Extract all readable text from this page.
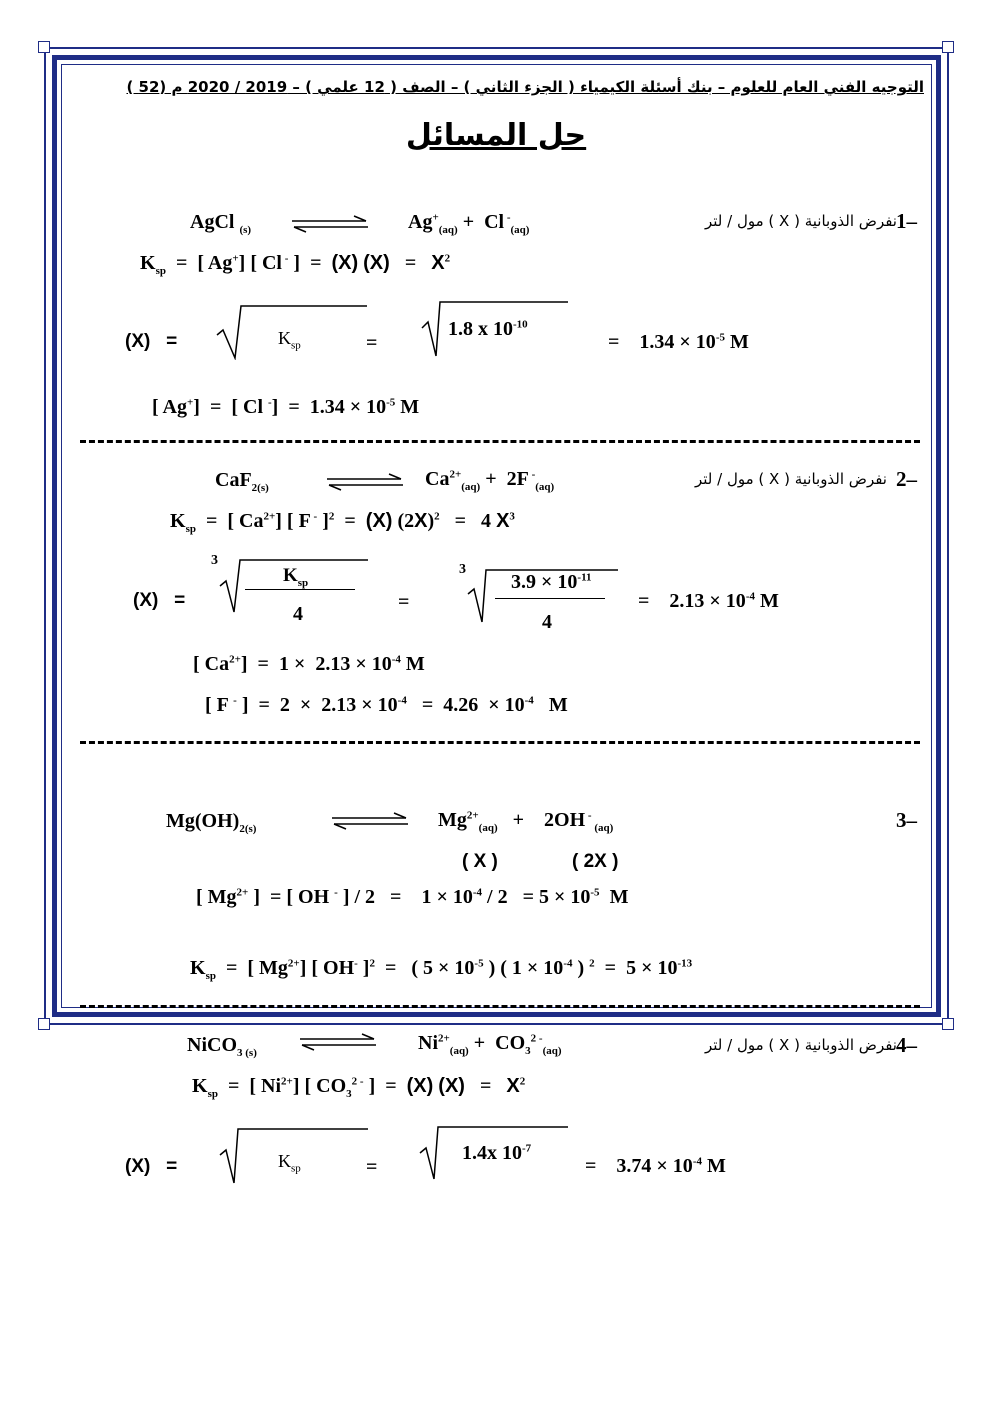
التوجيه الفني العام للعلوم – بنك أسئلة الكيمياء ( الجزء الثاني ) – الصف ( 12 علمي ) – 2019 / 2020 م (52 )
حل المسائل
1–
نفرض الذوبانية ( X ) مول / لتر
AgCl $_{(s)}$	$Ag^+_{(aq)} + Cl$ -$_{(aq)}$
$K_{sp}$  =  [ Ag+] [ Cl - ]  =  (X) $(X) = X^2$
(X)   =	$K_{sp}$	=
1.8 x $10^{-10}$
=    $1.34 \times 10^{-5}$ M
[ Ag+]  =  [ Cl $^-] = 1.34 \times 10^{-5}$ M
2–
نفرض الذوبانية ( X ) مول / لتر
CaF$_{2(s)}$	$Ca^{2+}_{(aq)} + 2F$ -$_{(aq)}$
$K_{sp}$  =  [ $Ca^{2+}$] [ F - ]$^2$  =  (X) $(2X)^2 = 4$ $X^3$
(X)   =
3
$K_{sp}$
4
=
3
$3.9 \times 10^{-11}$
4
=    $2.13 \times 10^{-4}$ M
[ $Ca^{2+}] = 1 \times 2.13 \times 10^{-4}$ M
[ F - ]  =  $2 \times 2.13 \times 10^{-4} = 4.26 \times 10^{-4}$   M
3–
$Mg(OH)_{2(s)}$	$Mg^{2+}_{(aq)}$   +    2OH - $_{(aq)}$
( X )	( 2X )
[ $Mg^{2+}$ ]  = [ OH - ] / 2   =    $1 \times 10^{-4} / 2 = 5 \times 10^{-5}$  M
$K_{sp}$  =  [ $Mg^{2+}$] [ OH- ]$^2$  =   ( $5 \times 10^{-5}$ ) ( $1 \times 10^{-4}$ ) $^2 = 5 \times 10^{-13}$
4–
نفرض الذوبانية ( X ) مول / لتر
NiCO$_{3 (s)}$	$Ni^{2+}_{(aq)} + CO_3^{2 -}_{(aq)}$
$K_{sp}$  =  [ $Ni^{2+}$] [ $CO_3^{2 -}$ ]  =  (X) $(X) = X^2$
(X)   =	$K_{sp}$	=
1.4x $10^{-7}$
=    $3.74 \times 10^{-4}$ M
